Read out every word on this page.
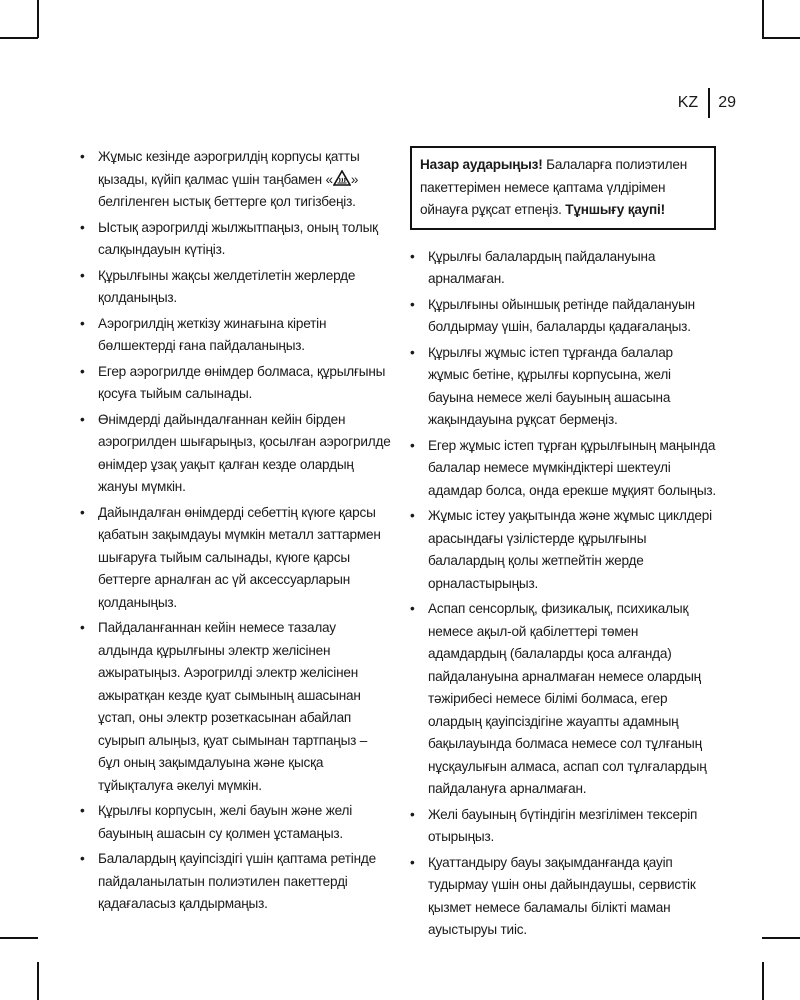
KZ	29
• Жұмыс кезінде аэрогрилдің корпусы қатты қызады, күйіп қалмас үшін таңбамен « » белгіленген ыстық беттерге қол тигізбеңіз.
• Ыстық аэрогрилді жылжытпаңыз, оның толық салқындауын күтіңіз.
• Құрылғыны жақсы желдетілетін жерлерде қолданыңыз.
• Аэрогрилдің жеткізу жинағына кіретін бөлшектерді ғана пайдаланыңыз.
• Егер аэрогрилде өнімдер болмаса, құрылғыны қосуға тыйым салынады.
• Өнімдерді дайындалғаннан кейін бірден аэрогрилден шығарыңыз, қосылған аэрогрилде өнімдер ұзақ уақыт қалған кезде олардың жануы мүмкін.
• Дайындалған өнімдерді себеттің күюге қарсы қабатын зақымдауы мүмкін металл заттармен шығаруға тыйым салынады, күюге қарсы беттерге арналған ас үй аксессуарларын қолданыңыз.
• Пайдаланғаннан кейін немесе тазалау алдында құрылғыны электр желісінен ажыратыңыз. Аэрогрилді электр желісінен ажыратқан кезде қуат сымының ашасынан ұстап, оны электр розеткасынан абайлап суырып алыңыз, қуат сымынан тартпаңыз – бұл оның зақымдалуына және қысқа тұйықталуға әкелуі мүмкін.
• Құрылғы корпусын, желі бауын және желі бауының ашасын су қолмен ұстамаңыз.
• Балалардың қауіпсіздігі үшін қаптама ретінде пайдаланылатын полиэтилен пакеттерді қадағаласыз қалдырмаңыз.
Назар аударыңыз! Балаларға полиэтилен пакеттерімен немесе қаптама үлдірімен ойнауға рұқсат етпеңіз. Тұншығу қаупі!
• Құрылғы балалардың пайдалануына арналмаған.
• Құрылғыны ойыншық ретінде пайдалануын болдырмау үшін, балаларды қадағалаңыз.
• Құрылғы жұмыс істеп тұрғанда балалар жұмыс бетіне, құрылғы корпусына, желі бауына немесе желі бауының ашасына жақындауына рұқсат бермеңіз.
• Егер жұмыс істеп тұрған құрылғының маңында балалар немесе мүмкіндіктері шектеулі адамдар болса, онда ерекше мұқият болыңыз.
• Жұмыс істеу уақытында және жұмыс циклдері арасындағы үзілістерде құрылғыны балалардың қолы жетпейтін жерде орналастырыңыз.
• Аспап сенсорлық, физикалық, психикалық немесе ақыл-ой қабілеттері төмен адамдардың (балаларды қоса алғанда) пайдалануына арналмаған немесе олардың тәжірибесі немесе білімі болмаса, егер олардың қауіпсіздігіне жауапты адамның бақылауында болмаса немесе сол тұлғаның нұсқаулығын алмаса, аспап сол тұлғалардың пайдалануға арналмаған.
• Желі бауының бүтіндігін мезгілімен тексеріп отырыңыз.
• Қуаттандыру бауы зақымданғанда қауіп тудырмау үшін оны дайындаушы, сервистік қызмет немесе баламалы білікті маман ауыстыруы тиіс.
